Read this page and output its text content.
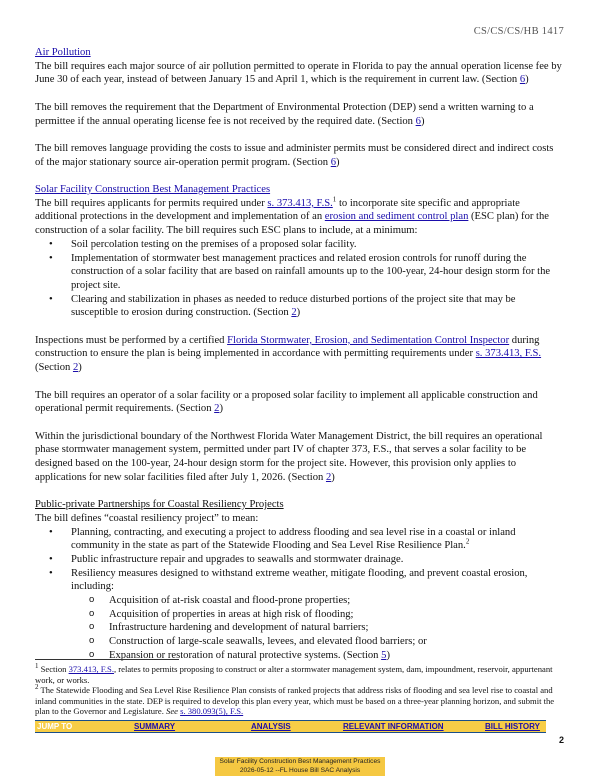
CS/CS/CS/HB 1417

Air Pollution

The bill requires each major source of air pollution permitted to operate in Florida to pay the annual operation license fee by June 30 of each year, instead of between January 15 and April 1, which is the requirement in current law. (Section 6)

The bill removes the requirement that the Department of Environmental Protection (DEP) send a written warning to a permittee if the annual operating license fee is not received by the required date. (Section 6)

The bill removes language providing the costs to issue and administer permits must be considered direct and indirect costs of the major stationary source air-operation permit program. (Section 6)

Solar Facility Construction Best Management Practices

The bill requires applicants for permits required under s. 373.413, F.S.$^1$ to incorporate site specific and appropriate additional protections in the development and implementation of an erosion and sediment control plan (ESC plan) for the construction of a solar facility. The bill requires such ESC plans to include, at a minimum:

• Soil percolation testing on the premises of a proposed solar facility.
• Implementation of stormwater best management practices and related erosion controls for runoff during the construction of a solar facility that are based on rainfall amounts up to the 100-year, 24-hour design storm for the project site.
• Clearing and stabilization in phases as needed to reduce disturbed portions of the project site that may be susceptible to erosion during construction. (Section 2)

Inspections must be performed by a certified Florida Stormwater, Erosion, and Sedimentation Control Inspector during construction to ensure the plan is being implemented in accordance with permitting requirements under s. 373.413, F.S. (Section 2)

The bill requires an operator of a solar facility or a proposed solar facility to implement all applicable construction and operational permit requirements. (Section 2)

Within the jurisdictional boundary of the Northwest Florida Water Management District, the bill requires an operational phase stormwater management system, permitted under part IV of chapter 373, F.S., that serves a solar facility to be designed based on the 100-year, 24-hour design storm for the project site. However, this provision only applies to applications for new solar facilities filed after July 1, 2026. (Section 2)

Public-private Partnerships for Coastal Resiliency Projects

The bill defines “coastal resiliency project” to mean:

• Planning, contracting, and executing a project to address flooding and sea level rise in a coastal or inland community in the state as part of the Statewide Flooding and Sea Level Rise Resilience Plan.$^2$
• Public infrastructure repair and upgrades to seawalls and stormwater drainage.
• Resiliency measures designed to withstand extreme weather, mitigate flooding, and prevent coastal erosion, including:
o Acquisition of at-risk coastal and flood-prone properties;
o Acquisition of properties in areas at high risk of flooding;
o Infrastructure hardening and development of natural barriers;
o Construction of large-scale seawalls, levees, and elevated flood barriers; or
o Expansion or restoration of natural protective systems. (Section 5)

$^1$ Section 373.413, F.S., relates to permits proposing to construct or alter a stormwater management system, dam, impoundment, reservoir, appurtenant work, or works.

$^2$ The Statewide Flooding and Sea Level Rise Resilience Plan consists of ranked projects that address risks of flooding and sea level rise to coastal and inland communities in the state. DEP is required to develop this plan every year, which must be based on a three-year planning horizon, and submit the plan to the Governor and Legislature. See s. 380.093(5), F.S.

JUMP TO	SUMMARY	ANALYSIS	RELEVANT INFORMATION	BILL HISTORY
2
Solar Facility Construction Best Management Practices
2026-05-12 --FL House Bill SAC Analysis
